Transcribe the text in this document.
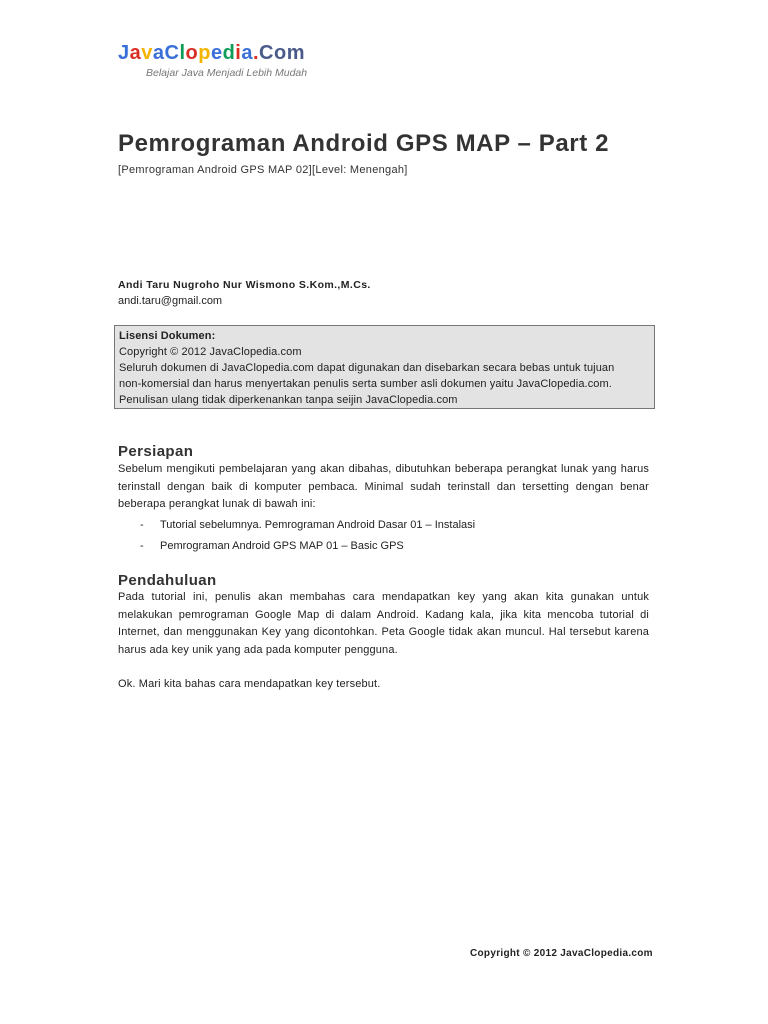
JavaClopedia.Com
Belajar Java Menjadi Lebih Mudah
Pemrograman Android GPS MAP – Part 2
[Pemrograman Android GPS MAP 02][Level: Menengah]
Andi Taru Nugroho Nur Wismono S.Kom.,M.Cs.
andi.taru@gmail.com
Lisensi Dokumen:
Copyright © 2012 JavaClopedia.com
Seluruh dokumen di JavaClopedia.com dapat digunakan dan disebarkan secara bebas untuk tujuan
non-komersial dan harus menyertakan penulis serta sumber asli dokumen yaitu JavaClopedia.com.
Penulisan ulang tidak diperkenankan tanpa seijin JavaClopedia.com
Persiapan
Sebelum mengikuti pembelajaran yang akan dibahas, dibutuhkan beberapa perangkat lunak yang harus terinstall dengan baik di komputer pembaca. Minimal sudah terinstall dan tersetting dengan benar beberapa perangkat lunak di bawah ini:
-	Tutorial sebelumnya. Pemrograman Android Dasar 01 – Instalasi
-	Pemrograman Android GPS MAP 01 – Basic GPS
Pendahuluan
Pada tutorial ini, penulis akan membahas cara mendapatkan key yang akan kita gunakan untuk melakukan pemrograman Google Map di dalam Android. Kadang kala, jika kita mencoba tutorial di Internet, dan menggunakan Key yang dicontohkan. Peta Google tidak akan muncul. Hal tersebut karena harus ada key unik yang ada pada komputer pengguna.
Ok. Mari kita bahas cara mendapatkan key tersebut.
Copyright © 2012 JavaClopedia.com
